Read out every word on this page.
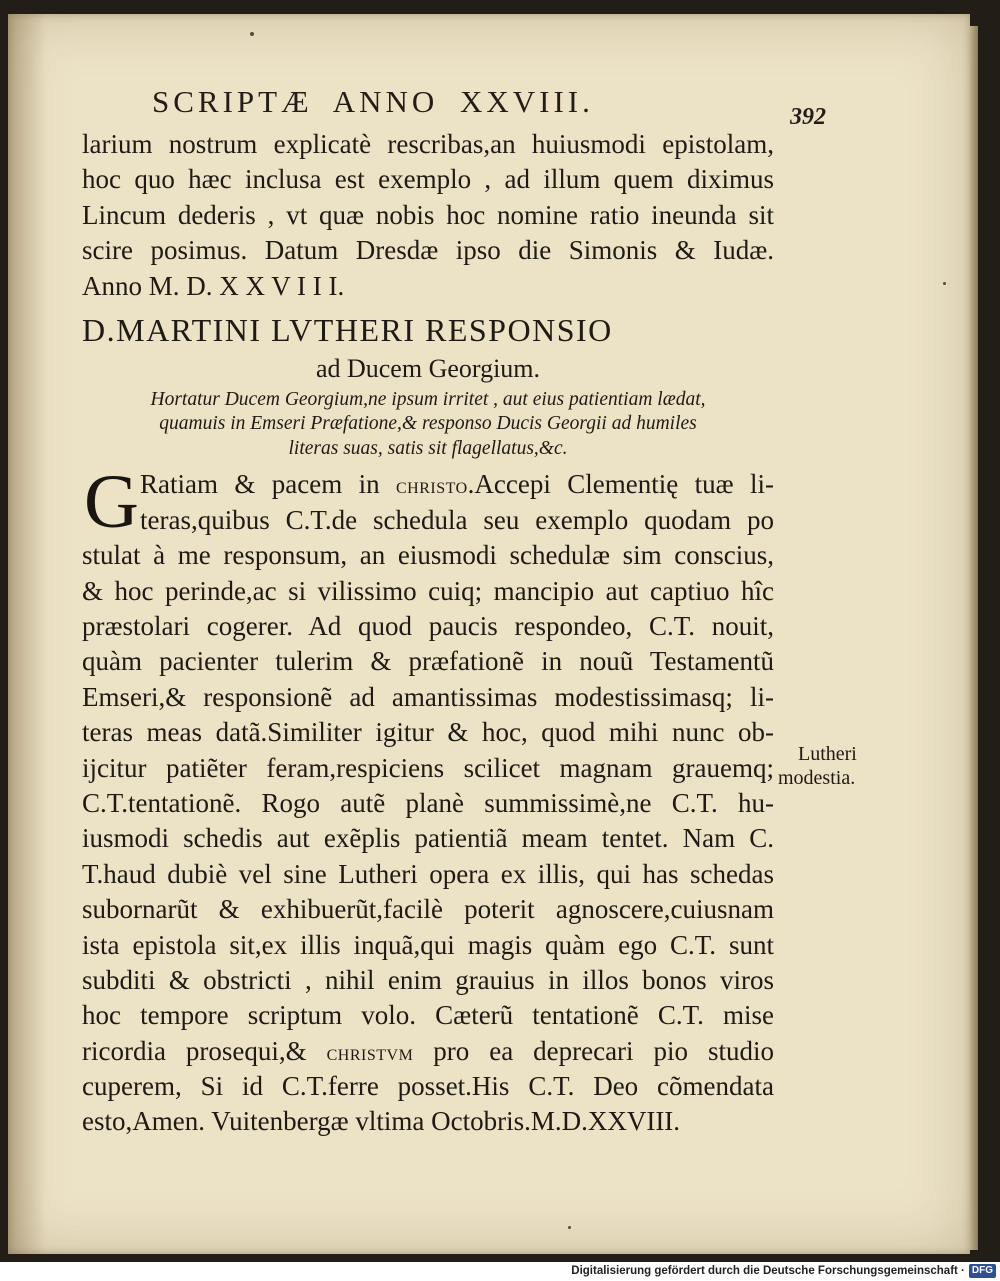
SCRIPTÆ ANNO XXVIII.	392
larium nostrum explicatè rescribas,an huiusmodi epistolam,
hoc quo hæc inclusa est exemplo , ad illum quem diximus
Lincum dederis , vt quæ nobis hoc nomine ratio ineunda sit
scire posimus. Datum Dresdæ ipso die Simonis & Iudæ.
Anno M. D. X X V I I I.
D.MARTINI LVTHERI RESPONSIO
ad Ducem Georgium.
Hortatur Ducem Georgium,ne ipsum irritet , aut eius patientiam lædat,
quamuis in Emseri Præfatione,& responso Ducis Georgii ad humiles
literas suas, satis sit flagellatus,&c.
G Ratiam & pacem in christo.Accepi Clementię tuæ li-
teras,quibus C.T.de schedula seu exemplo quodam po
stulat à me responsum, an eiusmodi schedulæ sim conscius,
& hoc perinde,ac si vilissimo cuiq; mancipio aut captiuo hîc
præstolari cogerer. Ad quod paucis respondeo, C.T. nouit,
quàm pacienter tulerim & præfationẽ in nouũ Testamentũ
Emseri,& responsionẽ ad amantissimas modestissimasq; li-
teras meas datã.Similiter igitur & hoc, quod mihi nunc ob-
ijcitur patiẽter feram,respiciens scilicet magnam grauemq;
C.T.tentationẽ. Rogo autẽ planè summissimè,ne C.T. hu-
iusmodi schedis aut exẽplis patientiã meam tentet. Nam C.
T.haud dubiè vel sine Lutheri opera ex illis, qui has schedas
subornarũt & exhibuerũt,facilè poterit agnoscere,cuiusnam
ista epistola sit,ex illis inquã,qui magis quàm ego C.T. sunt
subditi & obstricti , nihil enim grauius in illos bonos viros
hoc tempore scriptum volo. Cæterũ tentationẽ C.T. mise
ricordia prosequi,& christvm pro ea deprecari pio studio
cuperem, Si id C.T.ferre posset.His C.T. Deo cõmendata
esto,Amen. Vuitenbergæ vltima Octobris.M.D.XXVIII.
Lutheri
modestia.
Digitalisierung gefördert durch die Deutsche Forschungsgemeinschaft · DFG
